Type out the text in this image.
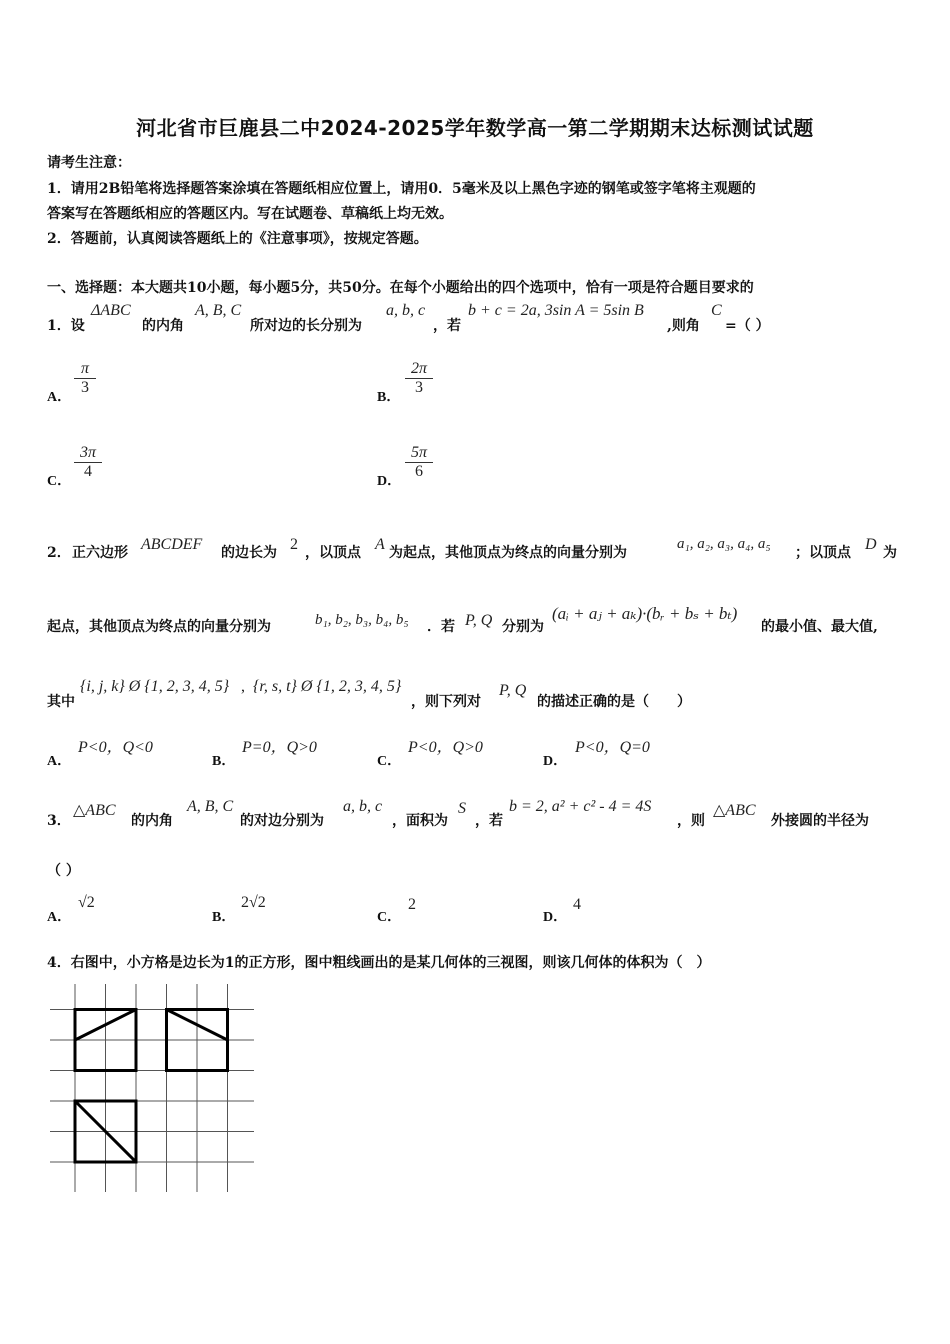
河北省市巨鹿县二中2024-2025学年数学高一第二学期期末达标测试试题
请考生注意：
1．请用2B铅笔将选择题答案涂填在答题纸相应位置上，请用0．5毫米及以上黑色字迹的钢笔或签字笔将主观题的
答案写在答题纸相应的答题区内。写在试题卷、草稿纸上均无效。
2．答题前，认真阅读答题纸上的《注意事项》，按规定答题。
一、选择题：本大题共10小题，每小题5分，共50分。在每个小题给出的四个选项中，恰有一项是符合题目要求的
1．设
ΔABC
的内角
A, B, C
所对边的长分别为
a, b, c
，若
b + c = 2a, 3sin A = 5sin B
,则角
C
=（ ）
A．
$\frac{\pi}{3}$
B．
$\frac{2\pi}{3}$
C．
$\frac{3\pi}{4}$
D．
$\frac{5\pi}{6}$
2． 正六边形 ABCDEF 的边长为 2 ，以顶点 A 为起点，其他顶点为终点的向量分别为
a₁, a₂, a₃, a₄, a₅
；以顶点 D 为
起点，其他顶点为终点的向量分别为	b₁, b₂, b₃, b₄, b₅ ．若 P, Q 分别为
(aᵢ + aⱼ + aₖ)·(bᵣ + bₛ + bₜ)
的最小值、最大值,
其中
{i, j, k} Ø {1, 2, 3, 4, 5} , {r, s, t} Ø {1, 2, 3, 4, 5}
，则下列对
P, Q
的描述正确的是（　　）
A．
P<0，Q<0
B．
P=0，Q>0
C．
P<0，Q>0
D．
P<0，Q=0
3．
△ABC
的内角
A, B, C
的对边分别为
a, b, c
，面积为
S
，若
b = 2, a² + c² - 4 = 4S
，则
△ABC
外接圆的半径为
（ ）
A．
√2
B．
2√2
C．
2
D．
4
4．右图中，小方格是边长为1的正方形，图中粗线画出的是某几何体的三视图，则该几何体的体积为（　）
